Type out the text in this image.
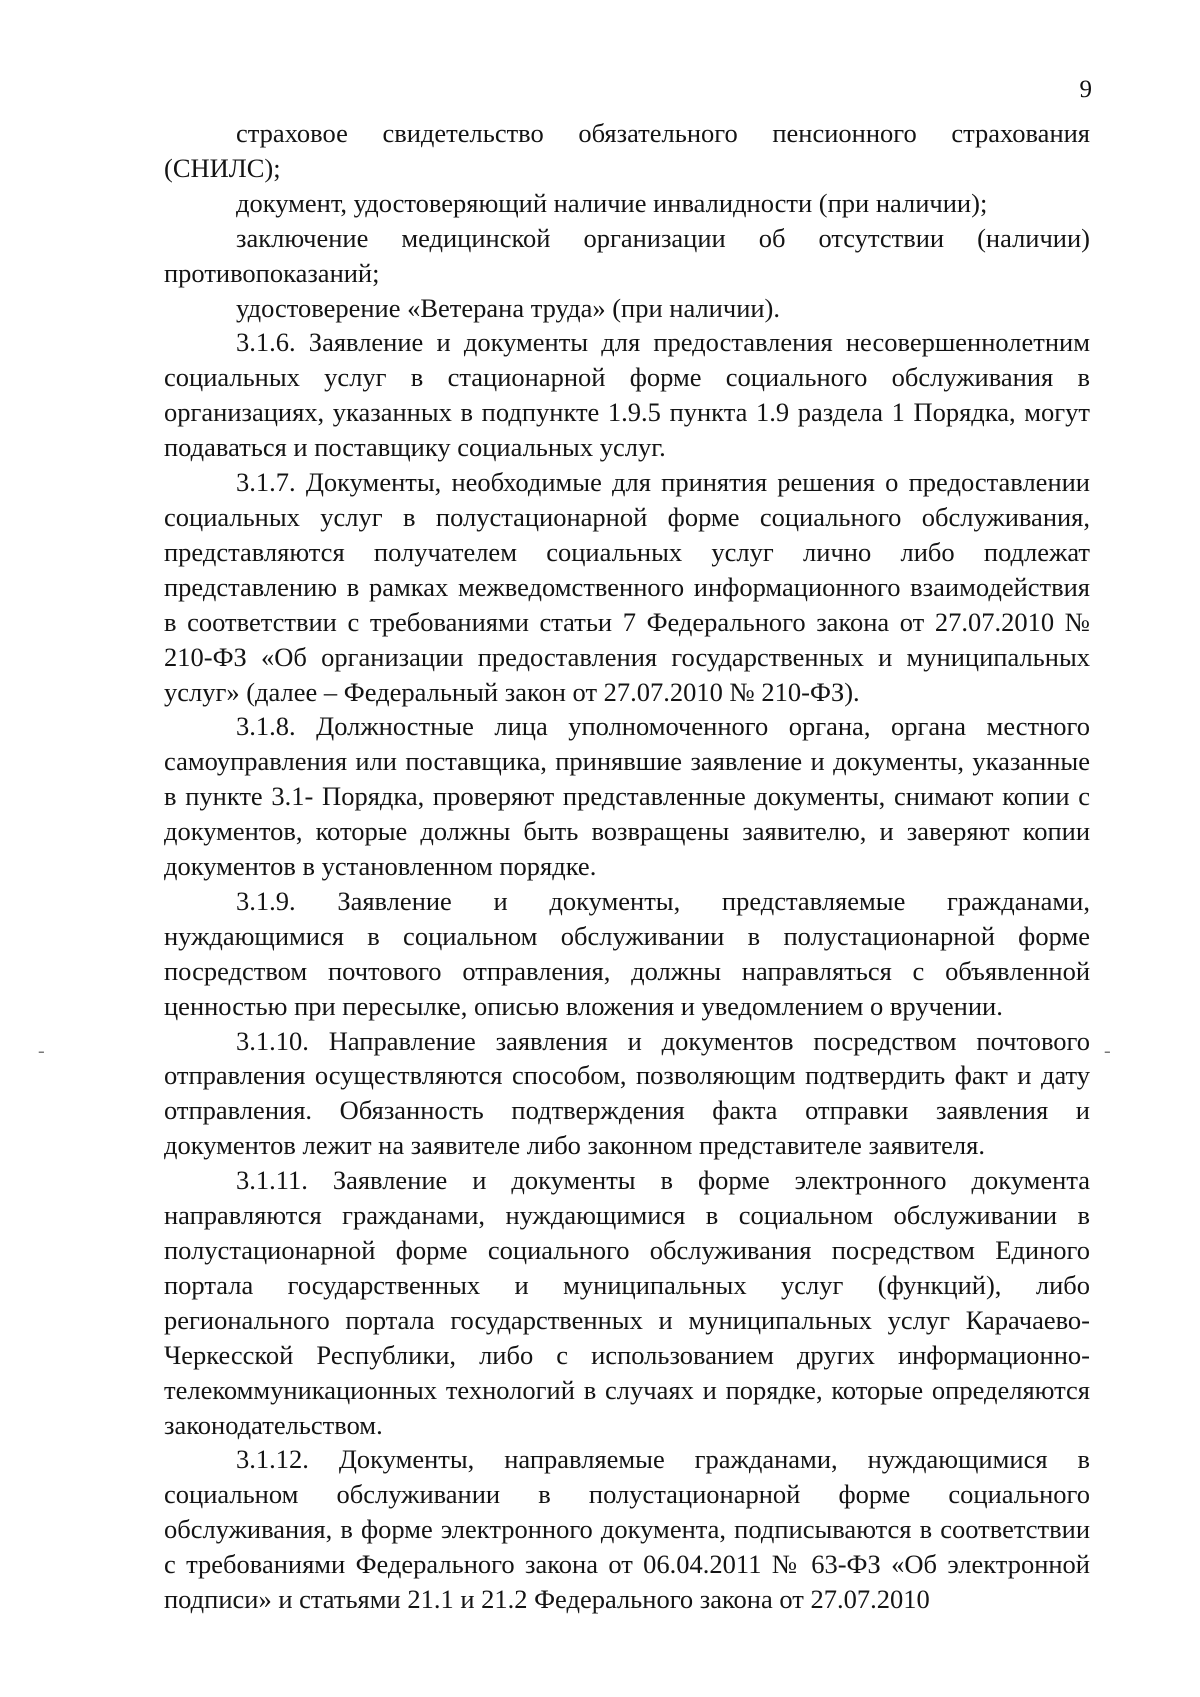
9

страховое свидетельство обязательного пенсионного страхования (СНИЛС);

документ, удостоверяющий наличие инвалидности (при наличии);

заключение медицинской организации об отсутствии (наличии) противопоказаний;

удостоверение «Ветерана труда» (при наличии).

3.1.6. Заявление и документы для предоставления несовершеннолетним социальных услуг в стационарной форме социального обслуживания в организациях, указанных в подпункте 1.9.5 пункта 1.9 раздела 1 Порядка, могут подаваться и поставщику социальных услуг.

3.1.7. Документы, необходимые для принятия решения о предоставлении социальных услуг в полустационарной форме социального обслуживания, представляются получателем социальных услуг лично либо подлежат представлению в рамках межведомственного информационного взаимодействия в соответствии с требованиями статьи 7 Федерального закона от 27.07.2010 № 210-ФЗ «Об организации предоставления государственных и муниципальных услуг» (далее – Федеральный закон от 27.07.2010 № 210-ФЗ).

3.1.8. Должностные лица уполномоченного органа, органа местного самоуправления или поставщика, принявшие заявление и документы, указанные в пункте 3.1- Порядка, проверяют представленные документы, снимают копии с документов, которые должны быть возвращены заявителю, и заверяют копии документов в установленном порядке.

3.1.9. Заявление и документы, представляемые гражданами, нуждающимися в социальном обслуживании в полустационарной форме посредством почтового отправления, должны направляться с объявленной ценностью при пересылке, описью вложения и уведомлением о вручении.

3.1.10. Направление заявления и документов посредством почтового отправления осуществляются способом, позволяющим подтвердить факт и дату отправления. Обязанность подтверждения факта отправки заявления и документов лежит на заявителе либо законном представителе заявителя.

3.1.11. Заявление и документы в форме электронного документа направляются гражданами, нуждающимися в социальном обслуживании в полустационарной форме социального обслуживания посредством Единого портала государственных и муниципальных услуг (функций), либо регионального портала государственных и муниципальных услуг Карачаево-Черкесской Республики, либо с использованием других информационно-телекоммуникационных технологий в случаях и порядке, которые определяются законодательством.

3.1.12. Документы, направляемые гражданами, нуждающимися в социальном обслуживании в полустационарной форме социального обслуживания, в форме электронного документа, подписываются в соответствии с требованиями Федерального закона от 06.04.2011 № 63-ФЗ «Об электронной подписи» и статьями 21.1 и 21.2 Федерального закона от 27.07.2010

-	-
